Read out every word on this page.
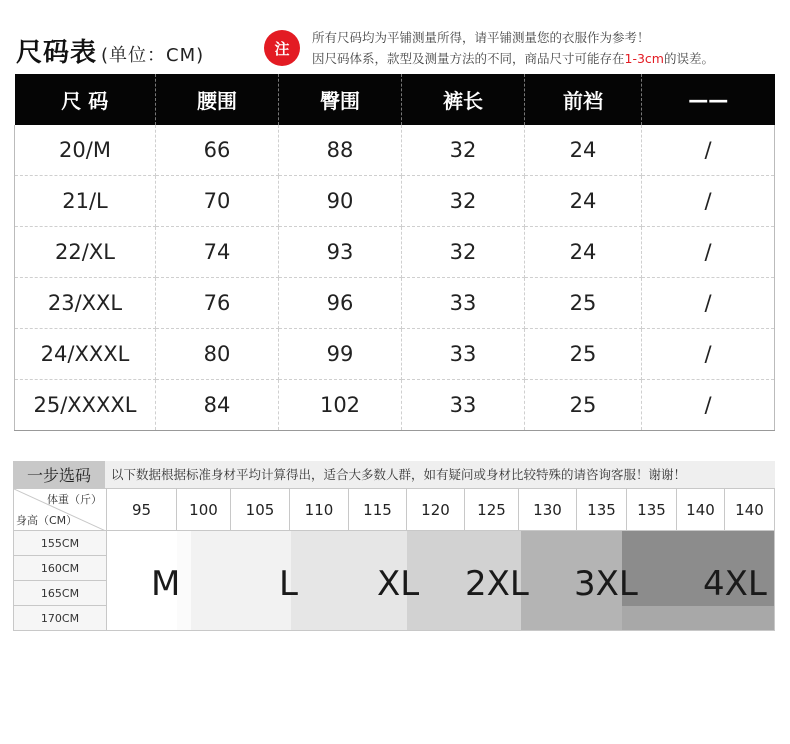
尺码表 (单位：CM)	注
所有尺码均为平铺测量所得，请平铺测量您的衣服作为参考！
因尺码体系，款型及测量方法的不同，商品尺寸可能存在1-3cm的误差。
尺 码	腰围	臀围	裤长	前裆	——
20/M	66	88	32	24	/
21/L	70	90	32	24	/
22/XL	74	93	32	24	/
23/XXL	76	96	33	25	/
24/XXXL	80	99	33	25	/
25/XXXXL	84	102	33	25	/
一步选码	以下数据根据标准身材平均计算得出，适合大多数人群，如有疑问或身材比较特殊的请咨询客服！谢谢！
体重（斤）
身高（CM）
95	100	105	110	115	120	125	130	135	135	140	140
155CM
160CM
165CM
170CM
M	L XL 2XL 3XL 4XL
